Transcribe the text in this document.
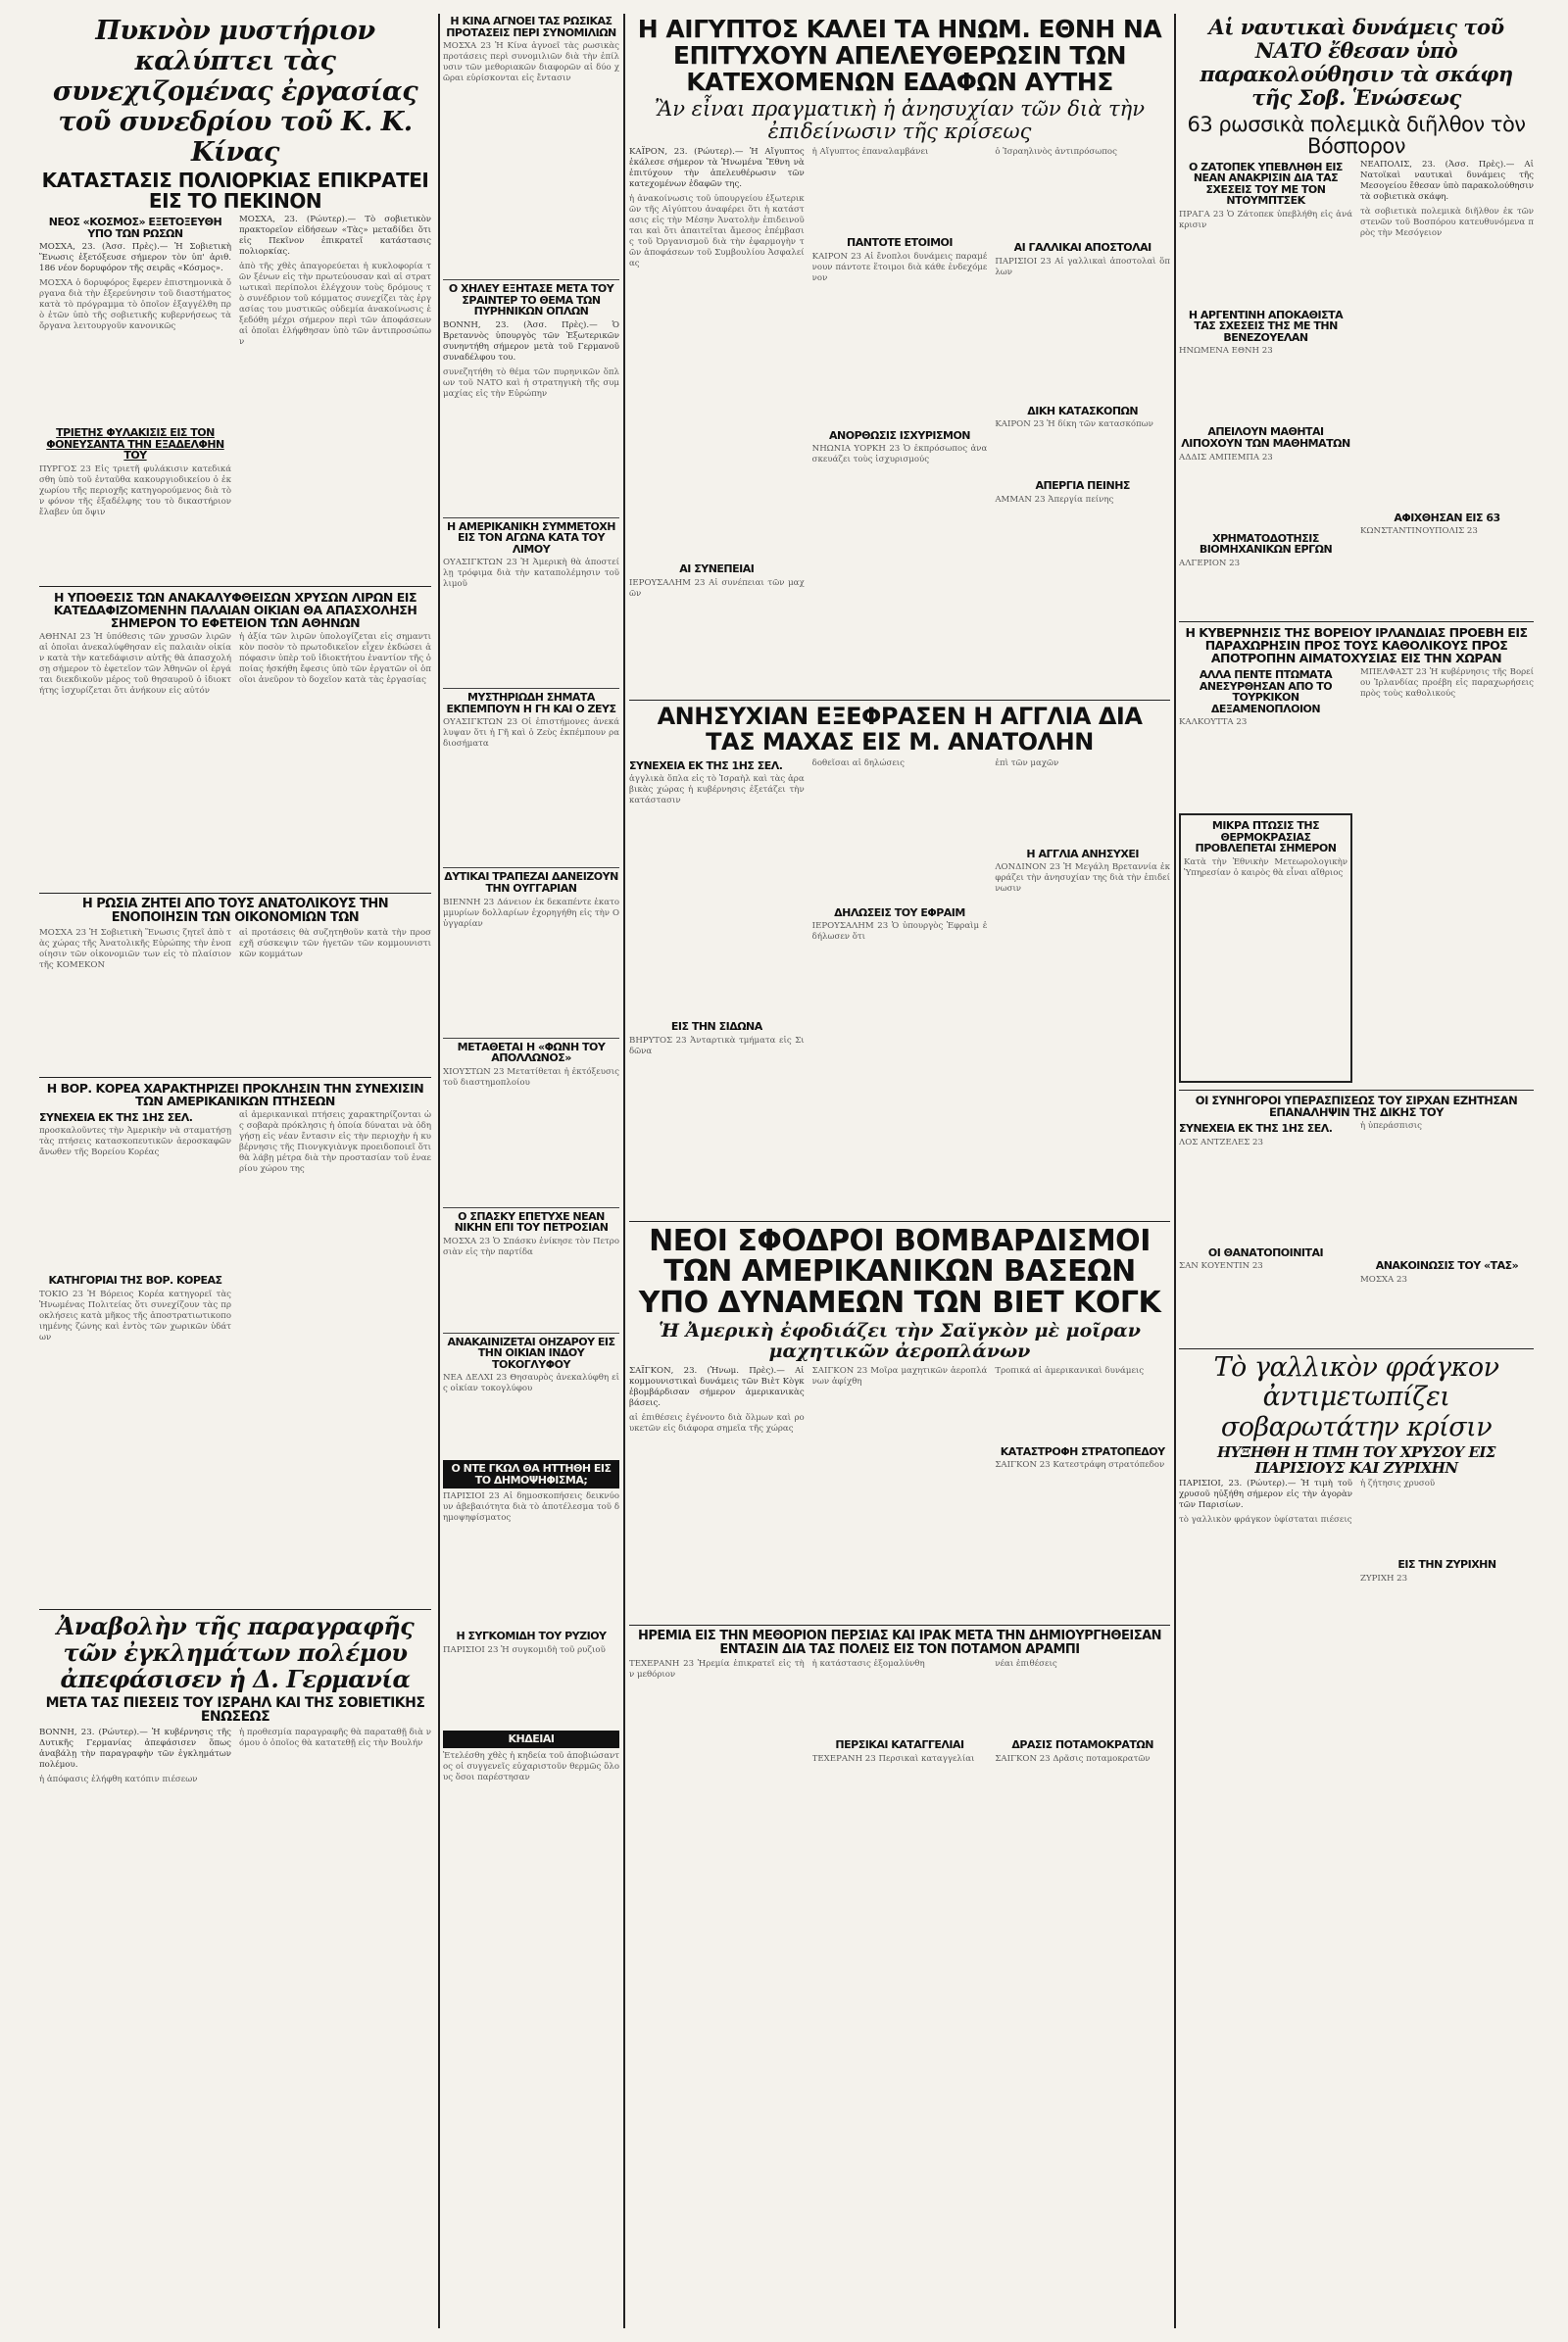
Πυκνὸν μυστήριον καλύπτει τὰς συνεχιζομένας ἐργασίας τοῦ συνεδρίου τοῦ Κ. Κ. Κίνας
ΚΑΤΑΣΤΑΣΙΣ ΠΟΛΙΟΡΚΙΑΣ ΕΠΙΚΡΑΤΕΙ ΕΙΣ ΤΟ ΠΕΚΙΝΟΝ
ΝΕΟΣ «ΚΟΣΜΟΣ» ΕΞΕΤΟΞΕΥΘΗ ΥΠΟ ΤΩΝ ΡΩΣΩΝ
ΜΟΣΧΑ, 23. (Ἀσσ. Πρὲς).— Ἡ Σοβιετικὴ Ἕνωσις ἐξετόξευσε σήμερον τὸν ὑπ' ἀριθ. 186 νέον δορυφόρον τῆς σειρᾶς «Κόσμος».
ΜΟΣΧΑ ὁ δορυφόρος ἔφερεν ἐπιστημονικὰ ὄργανα διὰ τὴν ἐξερεύνησιν τοῦ διαστήματος κατὰ τὸ πρόγραμμα τὸ ὁποῖον ἐξαγγέλθη πρὸ ἐτῶν ὑπὸ τῆς σοβιετικῆς κυβερνήσεως τὰ ὄργανα λειτουργοῦν κανονικῶς
ΤΡΙΕΤΗΣ ΦΥΛΑΚΙΣΙΣ ΕΙΣ ΤΟΝ ΦΟΝΕΥΣΑΝΤΑ ΤΗΝ ΕΞΑΔΕΛΦΗΝ ΤΟΥ
ΠΥΡΓΟΣ 23 Εἰς τριετῆ φυλάκισιν κατεδικάσθη ὑπὸ τοῦ ἐνταῦθα κακουργιοδικείου ὁ ἐκ χωρίου τῆς περιοχῆς κατηγορούμενος διὰ τὸν φόνον τῆς ἐξαδέλφης του τὸ δικαστήριον ἔλαβεν ὑπ ὄψιν
ΜΟΣΧΑ, 23. (Ρώυτερ).— Τὸ σοβιετικὸν πρακτορεῖον εἰδήσεων «Τὰς» μεταδίδει ὅτι εἰς Πεκῖνον ἐπικρατεῖ κατάστασις πολιορκίας.
ἀπὸ τῆς χθὲς ἀπαγορεύεται ἡ κυκλοφορία τῶν ξένων εἰς τὴν πρωτεύουσαν καὶ αἱ στρατιωτικαὶ περίπολοι ἐλέγχουν τοὺς δρόμους τὸ συνέδριον τοῦ κόμματος συνεχίζει τὰς ἐργασίας του μυστικῶς οὐδεμία ἀνακοίνωσις ἐξεδόθη μέχρι σήμερον περὶ τῶν ἀποφάσεων αἱ ὁποῖαι ἐλήφθησαν ὑπὸ τῶν ἀντιπροσώπων
Η ΥΠΟΘΕΣΙΣ ΤΩΝ ΑΝΑΚΑΛΥΦΘΕΙΣΩΝ ΧΡΥΣΩΝ ΛΙΡΩΝ ΕΙΣ ΚΑΤΕΔΑΦΙΖΟΜΕΝΗΝ ΠΑΛΑΙΑΝ ΟΙΚΙΑΝ ΘΑ ΑΠΑΣΧΟΛΗΣΗ ΣΗΜΕΡΟΝ ΤΟ ΕΦΕΤΕΙΟΝ ΤΩΝ ΑΘΗΝΩΝ
ΑΘΗΝΑΙ 23 Ἡ ὑπόθεσις τῶν χρυσῶν λιρῶν αἱ ὁποῖαι ἀνεκαλύφθησαν εἰς παλαιὰν οἰκίαν κατὰ τὴν κατεδάφισιν αὐτῆς θὰ ἀπασχολήσῃ σήμερον τὸ ἐφετεῖον τῶν Ἀθηνῶν οἱ ἐργάται διεκδικοῦν μέρος τοῦ θησαυροῦ ὁ ἰδιοκτήτης ἰσχυρίζεται ὅτι ἀνήκουν εἰς αὐτόν
ἡ ἀξία τῶν λιρῶν ὑπολογίζεται εἰς σημαντικὸν ποσὸν τὸ πρωτοδικεῖον εἶχεν ἐκδώσει ἀπόφασιν ὑπὲρ τοῦ ἰδιοκτήτου ἐναντίον τῆς ὁποίας ἠσκήθη ἔφεσις ὑπὸ τῶν ἐργατῶν οἱ ὁποῖοι ἀνεῦρον τὸ δοχεῖον κατὰ τὰς ἐργασίας
Η ΡΩΣΙΑ ΖΗΤΕΙ ΑΠΟ ΤΟΥΣ ΑΝΑΤΟΛΙΚΟΥΣ ΤΗΝ ΕΝΟΠΟΙΗΣΙΝ ΤΩΝ ΟΙΚΟΝΟΜΙΩΝ ΤΩΝ
ΜΟΣΧΑ 23 Ἡ Σοβιετικὴ Ἕνωσις ζητεῖ ἀπὸ τὰς χώρας τῆς Ἀνατολικῆς Εὐρώπης τὴν ἐνοποίησιν τῶν οἰκονομιῶν των εἰς τὸ πλαίσιον τῆς ΚΟΜΕΚΟΝ
αἱ προτάσεις θὰ συζητηθοῦν κατὰ τὴν προσεχῆ σύσκεψιν τῶν ἡγετῶν τῶν κομμουνιστικῶν κομμάτων
Η ΒΟΡ. ΚΟΡΕΑ ΧΑΡΑΚΤΗΡΙΖΕΙ ΠΡΟΚΛΗΣΙΝ ΤΗΝ ΣΥΝΕΧΙΣΙΝ ΤΩΝ ΑΜΕΡΙΚΑΝΙΚΩΝ ΠΤΗΣΕΩΝ
ΣΥΝΕΧΕΙΑ ΕΚ ΤΗΣ 1ΗΣ ΣΕΛ.
προσκαλοῦντες τὴν Ἀμερικὴν νὰ σταματήσῃ τὰς πτήσεις κατασκοπευτικῶν ἀεροσκαφῶν ἄνωθεν τῆς Βορείου Κορέας
ΚΑΤΗΓΟΡΙΑΙ ΤΗΣ ΒΟΡ. ΚΟΡΕΑΣ
ΤΟΚΙΟ 23 Ἡ Βόρειος Κορέα κατηγορεῖ τὰς Ἡνωμένας Πολιτείας ὅτι συνεχίζουν τὰς προκλήσεις κατὰ μῆκος τῆς ἀποστρατιωτικοποιημένης ζώνης καὶ ἐντὸς τῶν χωρικῶν ὑδάτων
αἱ ἀμερικανικαὶ πτήσεις χαρακτηρίζονται ὡς σοβαρὰ πρόκλησις ἡ ὁποία δύναται νὰ ὁδηγήσῃ εἰς νέαν ἔντασιν εἰς τὴν περιοχὴν ἡ κυβέρνησις τῆς Πιονγκγιὰνγκ προειδοποιεῖ ὅτι θὰ λάβῃ μέτρα διὰ τὴν προστασίαν τοῦ ἐναερίου χώρου της
Ἀναβολὴν τῆς παραγραφῆς τῶν ἐγκλημάτων πολέμου ἀπεφάσισεν ἡ Δ. Γερμανία
ΜΕΤΑ ΤΑΣ ΠΙΕΣΕΙΣ ΤΟΥ ΙΣΡΑΗΛ ΚΑΙ ΤΗΣ ΣΟΒΙΕΤΙΚΗΣ ΕΝΩΣΕΩΣ
ΒΟΝΝΗ, 23. (Ρώυτερ).— Ἡ κυβέρνησις τῆς Δυτικῆς Γερμανίας ἀπεφάσισεν ὅπως ἀναβάλῃ τὴν παραγραφὴν τῶν ἐγκλημάτων πολέμου.
ἡ ἀπόφασις ἐλήφθη κατόπιν πιέσεων
ἡ προθεσμία παραγραφῆς θὰ παραταθῇ διὰ νόμου ὁ ὁποῖος θὰ κατατεθῇ εἰς τὴν Βουλήν
Η ΚΙΝΑ ΑΓΝΟΕΙ ΤΑΣ ΡΩΣΙΚΑΣ ΠΡΟΤΑΣΕΙΣ ΠΕΡΙ ΣΥΝΟΜΙΛΙΩΝ
ΜΟΣΧΑ 23 Ἡ Κίνα ἀγνοεῖ τὰς ρωσικὰς προτάσεις περὶ συνομιλιῶν διὰ τὴν ἐπίλυσιν τῶν μεθοριακῶν διαφορῶν αἱ δύο χῶραι εὑρίσκονται εἰς ἔντασιν
Ο ΧΗΛΕΥ ΕΞΗΤΑΣΕ ΜΕΤΑ ΤΟΥ ΣΡΑΙΝΤΕΡ ΤΟ ΘΕΜΑ ΤΩΝ ΠΥΡΗΝΙΚΩΝ ΟΠΛΩΝ
ΒΟΝΝΗ, 23. (Ἀσσ. Πρὲς).— Ὁ Βρεταννὸς ὑπουργὸς τῶν Ἐξωτερικῶν συνηντήθη σήμερον μετὰ τοῦ Γερμανοῦ συναδέλφου του.
συνεζητήθη τὸ θέμα τῶν πυρηνικῶν ὅπλων τοῦ ΝΑΤΟ καὶ ἡ στρατηγικὴ τῆς συμμαχίας εἰς τὴν Εὐρώπην
Η ΑΜΕΡΙΚΑΝΙΚΗ ΣΥΜΜΕΤΟΧΗ ΕΙΣ ΤΟΝ ΑΓΩΝΑ ΚΑΤΑ ΤΟΥ ΛΙΜΟΥ
ΟΥΑΣΙΓΚΤΩΝ 23 Ἡ Ἀμερικὴ θὰ ἀποστείλῃ τρόφιμα διὰ τὴν καταπολέμησιν τοῦ λιμοῦ
ΜΥΣΤΗΡΙΩΔΗ ΣΗΜΑΤΑ ΕΚΠΕΜΠΟΥΝ Η ΓΗ ΚΑΙ Ο ΖΕΥΣ
ΟΥΑΣΙΓΚΤΩΝ 23 Οἱ ἐπιστήμονες ἀνεκάλυψαν ὅτι ἡ Γῆ καὶ ὁ Ζεὺς ἐκπέμπουν ραδιοσήματα
ΔΥΤΙΚΑΙ ΤΡΑΠΕΖΑΙ ΔΑΝΕΙΖΟΥΝ ΤΗΝ ΟΥΓΓΑΡΙΑΝ
ΒΙΕΝΝΗ 23 Δάνειον ἐκ δεκαπέντε ἑκατομμυρίων δολλαρίων ἐχορηγήθη εἰς τὴν Οὐγγαρίαν
ΜΕΤΑΘΕΤΑΙ Η «ΦΩΝΗ ΤΟΥ ΑΠΟΛΛΩΝΟΣ»
ΧΙΟΥΣΤΩΝ 23 Μετατίθεται ἡ ἐκτόξευσις τοῦ διαστημοπλοίου
Ο ΣΠΑΣΚΥ ΕΠΕΤΥΧΕ ΝΕΑΝ ΝΙΚΗΝ ΕΠΙ ΤΟΥ ΠΕΤΡΟΣΙΑΝ
ΜΟΣΧΑ 23 Ὁ Σπάσκυ ἐνίκησε τὸν Πετροσιὰν εἰς τὴν παρτίδα
ΑΝΑΚΑΙΝΙΖΕΤΑΙ ΟΗΖΑΡΟΥ ΕΙΣ ΤΗΝ ΟΙΚΙΑΝ ΙΝΔΟΥ ΤΟΚΟΓΛΥΦΟΥ
ΝΕΑ ΔΕΛΧΙ 23 Θησαυρὸς ἀνεκαλύφθη εἰς οἰκίαν τοκογλύφου
Ο ΝΤΕ ΓΚΩΛ ΘΑ ΗΤΤΗΘΗ ΕΙΣ ΤΟ ΔΗΜΟΨΗΦΙΣΜΑ;
ΠΑΡΙΣΙΟΙ 23 Αἱ δημοσκοπήσεις δεικνύουν ἀβεβαιότητα διὰ τὸ ἀποτέλεσμα τοῦ δημοψηφίσματος
Η ΣΥΓΚΟΜΙΔΗ ΤΟΥ ΡΥΖΙΟΥ
ΠΑΡΙΣΙΟΙ 23 Ἡ συγκομιδὴ τοῦ ρυζιοῦ
ΚΗΔΕΙΑΙ
Ἐτελέσθη χθὲς ἡ κηδεία τοῦ ἀποβιώσαντος οἱ συγγενεῖς εὐχαριστοῦν θερμῶς ὅλους ὅσοι παρέστησαν
Η ΑΙΓΥΠΤΟΣ ΚΑΛΕΙ ΤΑ ΗΝΩΜ. ΕΘΝΗ ΝΑ ΕΠΙΤΥΧΟΥΝ ΑΠΕΛΕΥΘΕΡΩΣΙΝ ΤΩΝ ΚΑΤΕΧΟΜΕΝΩΝ ΕΔΑΦΩΝ ΑΥΤΗΣ
Ἂν εἶναι πραγματικὴ ἡ ἀνησυχίαν τῶν διὰ τὴν ἐπιδείνωσιν τῆς κρίσεως
ΚΑΪΡΟΝ, 23. (Ρώυτερ).— Ἡ Αἴγυπτος ἐκάλεσε σήμερον τὰ Ἡνωμένα Ἔθνη νὰ ἐπιτύχουν τὴν ἀπελευθέρωσιν τῶν κατεχομένων ἐδαφῶν της.
ἡ ἀνακοίνωσις τοῦ ὑπουργείου ἐξωτερικῶν τῆς Αἰγύπτου ἀναφέρει ὅτι ἡ κατάστασις εἰς τὴν Μέσην Ἀνατολὴν ἐπιδεινοῦται καὶ ὅτι ἀπαιτεῖται ἄμεσος ἐπέμβασις τοῦ Ὀργανισμοῦ διὰ τὴν ἐφαρμογὴν τῶν ἀποφάσεων τοῦ Συμβουλίου Ἀσφαλείας
ΑΙ ΣΥΝΕΠΕΙΑΙ
ΙΕΡΟΥΣΑΛΗΜ 23 Αἱ συνέπειαι τῶν μαχῶν
ἡ Αἴγυπτος ἐπαναλαμβάνει
ΠΑΝΤΟΤΕ ΕΤΟΙΜΟΙ
ΚΑΪΡΟΝ 23 Αἱ ἔνοπλοι δυνάμεις παραμένουν πάντοτε ἕτοιμοι διὰ κάθε ἐνδεχόμενον
ΑΝΟΡΘΩΣΙΣ ΙΣΧΥΡΙΣΜΟΝ
ΝΗΩΝΙΑ ΥΟΡΚΗ 23 Ὁ ἐκπρόσωπος ἀνασκευάζει τοὺς ἰσχυρισμούς
ὁ Ἰσραηλινὸς ἀντιπρόσωπος
ΑΙ ΓΑΛΛΙΚΑΙ ΑΠΟΣΤΟΛΑΙ
ΠΑΡΙΣΙΟΙ 23 Αἱ γαλλικαὶ ἀποστολαὶ ὅπλων
ΔΙΚΗ ΚΑΤΑΣΚΟΠΩΝ
ΚΑΪΡΟΝ 23 Ἡ δίκη τῶν κατασκόπων
ΑΠΕΡΓΙΑ ΠΕΙΝΗΣ
ΑΜΜΑΝ 23 Ἀπεργία πείνης
ΑΝΗΣΥΧΙΑΝ ΕΞΕΦΡΑΣΕΝ Η ΑΓΓΛΙΑ ΔΙΑ ΤΑΣ ΜΑΧΑΣ ΕΙΣ Μ. ΑΝΑΤΟΛΗΝ
ΣΥΝΕΧΕΙΑ ΕΚ ΤΗΣ 1ΗΣ ΣΕΛ.
ἀγγλικὰ ὅπλα εἰς τὸ Ἰσραὴλ καὶ τὰς ἀραβικὰς χώρας ἡ κυβέρνησις ἐξετάζει τὴν κατάστασιν
ΕΙΣ ΤΗΝ ΣΙΔΩΝΑ
ΒΗΡΥΤΟΣ 23 Ἀνταρτικὰ τμήματα εἰς Σιδῶνα
δοθεῖσαι αἱ δηλώσεις
ΔΗΛΩΣΕΙΣ ΤΟΥ ΕΦΡΑΙΜ
ΙΕΡΟΥΣΑΛΗΜ 23 Ὁ ὑπουργὸς Ἐφραὶμ ἐδήλωσεν ὅτι
ἐπὶ τῶν μαχῶν
Η ΑΓΓΛΙΑ ΑΝΗΣΥΧΕΙ
ΛΟΝΔΙΝΟΝ 23 Ἡ Μεγάλη Βρεταννία ἐκφράζει τὴν ἀνησυχίαν της διὰ τὴν ἐπιδείνωσιν
ΝΕΟΙ ΣΦΟΔΡΟΙ ΒΟΜΒΑΡΔΙΣΜΟΙ ΤΩΝ ΑΜΕΡΙΚΑΝΙΚΩΝ ΒΑΣΕΩΝ ΥΠΟ ΔΥΝΑΜΕΩΝ ΤΩΝ ΒΙΕΤ ΚΟΓΚ
Ἡ Ἀμερικὴ ἐφοδιάζει τὴν Σαϊγκὸν μὲ μοῖραν μαχητικῶν ἀεροπλάνων
ΣΑΪΓΚΟΝ, 23. (Ἡνωμ. Πρὲς).— Αἱ κομμουνιστικαὶ δυνάμεις τῶν Βιὲτ Κὸγκ ἐβομβάρδισαν σήμερον ἀμερικανικὰς βάσεις.
αἱ ἐπιθέσεις ἐγένοντο διὰ ὅλμων καὶ ρουκετῶν εἰς διάφορα σημεῖα τῆς χώρας
ΣΑΪΓΚΟΝ 23 Μοῖρα μαχητικῶν ἀεροπλάνων ἀφίχθη
Τροπικά αἱ ἀμερικανικαὶ δυνάμεις
ΚΑΤΑΣΤΡΟΦΗ ΣΤΡΑΤΟΠΕΔΟΥ
ΣΑΪΓΚΟΝ 23 Κατεστράφη στρατόπεδον
ΗΡΕΜΙΑ ΕΙΣ ΤΗΝ ΜΕΘΟΡΙΟΝ ΠΕΡΣΙΑΣ ΚΑΙ ΙΡΑΚ ΜΕΤΑ ΤΗΝ ΔΗΜΙΟΥΡΓΗΘΕΙΣΑΝ ΕΝΤΑΣΙΝ ΔΙΑ ΤΑΣ ΠΟΛΕΙΣ ΕΙΣ ΤΟΝ ΠΟΤΑΜΟΝ ΑΡΑΜΠΙ
ΤΕΧΕΡΑΝΗ 23 Ἡρεμία ἐπικρατεῖ εἰς τὴν μεθόριον
ἡ κατάστασις ἐξομαλύνθη
ΠΕΡΣΙΚΑΙ ΚΑΤΑΓΓΕΛΙΑΙ
ΤΕΧΕΡΑΝΗ 23 Περσικαὶ καταγγελίαι
νέαι ἐπιθέσεις
ΔΡΑΣΙΣ ΠΟΤΑΜΟΚΡΑΤΩΝ
ΣΑΪΓΚΟΝ 23 Δρᾶσις ποταμοκρατῶν
Αἱ ναυτικαὶ δυνάμεις τοῦ ΝΑΤΟ ἔθεσαν ὑπὸ παρακολούθησιν τὰ σκάφη τῆς Σοβ. Ἑνώσεως
63 ρωσσικὰ πολεμικὰ διῆλθον τὸν Βόσπορον
Ο ΖΑΤΟΠΕΚ ΥΠΕΒΛΗΘΗ ΕΙΣ ΝΕΑΝ ΑΝΑΚΡΙΣΙΝ ΔΙΑ ΤΑΣ ΣΧΕΣΕΙΣ ΤΟΥ ΜΕ ΤΟΝ ΝΤΟΥΜΠΤΣΕΚ
ΠΡΑΓΑ 23 Ὁ Ζάτοπεκ ὑπεβλήθη εἰς ἀνάκρισιν
Η ΑΡΓΕΝΤΙΝΗ ΑΠΟΚΑΘΙΣΤΑ ΤΑΣ ΣΧΕΣΕΙΣ ΤΗΣ ΜΕ ΤΗΝ ΒΕΝΕΖΟΥΕΛΑΝ
ΗΝΩΜΕΝΑ ΕΘΝΗ 23
ΑΠΕΙΛΟΥΝ ΜΑΘΗΤΑΙ ΛΙΠΟΧΟΥΝ ΤΩΝ ΜΑΘΗΜΑΤΩΝ
ΑΔΔΙΣ ΑΜΠΕΜΠΑ 23
ΧΡΗΜΑΤΟΔΟΤΗΣΙΣ ΒΙΟΜΗΧΑΝΙΚΩΝ ΕΡΓΩΝ
ΑΛΓΕΡΙΟΝ 23
ΝΕΑΠΟΛΙΣ, 23. (Ἀσσ. Πρὲς).— Αἱ Νατοϊκαὶ ναυτικαὶ δυνάμεις τῆς Μεσογείου ἔθεσαν ὑπὸ παρακολούθησιν τὰ σοβιετικὰ σκάφη.
τὰ σοβιετικὰ πολεμικὰ διῆλθον ἐκ τῶν στενῶν τοῦ Βοσπόρου κατευθυνόμενα πρὸς τὴν Μεσόγειον
ΑΦΙΧΘΗΣΑΝ ΕΙΣ 63
ΚΩΝΣΤΑΝΤΙΝΟΥΠΟΛΙΣ 23
Η ΚΥΒΕΡΝΗΣΙΣ ΤΗΣ ΒΟΡΕΙΟΥ ΙΡΛΑΝΔΙΑΣ ΠΡΟΕΒΗ ΕΙΣ ΠΑΡΑΧΩΡΗΣΙΝ ΠΡΟΣ ΤΟΥΣ ΚΑΘΟΛΙΚΟΥΣ ΠΡΟΣ ΑΠΟΤΡΟΠΗΝ ΑΙΜΑΤΟΧΥΣΙΑΣ ΕΙΣ ΤΗΝ ΧΩΡΑΝ
ΑΛΛΑ ΠΕΝΤΕ ΠΤΩΜΑΤΑ ΑΝΕΣΥΡΘΗΣΑΝ ΑΠΟ ΤΟ ΤΟΥΡΚΙΚΟΝ ΔΕΞΑΜΕΝΟΠΛΟΙΟΝ
ΚΑΛΚΟΥΤΤΑ 23
ΜΙΚΡΑ ΠΤΩΣΙΣ ΤΗΣ ΘΕΡΜΟΚΡΑΣΙΑΣ ΠΡΟΒΛΕΠΕΤΑΙ ΣΗΜΕΡΟΝ
Κατὰ τὴν Ἐθνικὴν Μετεωρολογικὴν Ὑπηρεσίαν ὁ καιρὸς θὰ εἶναι αἴθριος
ΜΠΕΛΦΑΣΤ 23 Ἡ κυβέρνησις τῆς Βορείου Ἰρλανδίας προέβη εἰς παραχωρήσεις πρὸς τοὺς καθολικούς
ΟΙ ΣΥΝΗΓΟΡΟΙ ΥΠΕΡΑΣΠΙΣΕΩΣ ΤΟΥ ΣΙΡΧΑΝ ΕΖΗΤΗΣΑΝ ΕΠΑΝΑΛΗΨΙΝ ΤΗΣ ΔΙΚΗΣ ΤΟΥ
ΣΥΝΕΧΕΙΑ ΕΚ ΤΗΣ 1ΗΣ ΣΕΛ.
ΛΟΣ ΑΝΤΖΕΛΕΣ 23
ΟΙ ΘΑΝΑΤΟΠΟΙΝΙΤΑΙ
ΣΑΝ ΚΟΥΕΝΤΙΝ 23
ἡ ὑπεράσπισις
ΑΝΑΚΟΙΝΩΣΙΣ ΤΟΥ «ΤΑΣ»
ΜΟΣΧΑ 23
Τὸ γαλλικὸν φράγκον ἀντιμετωπίζει σοβαρωτάτην κρίσιν
ΗΥΞΗΘΗ Η ΤΙΜΗ ΤΟΥ ΧΡΥΣΟΥ ΕΙΣ ΠΑΡΙΣΙΟΥΣ ΚΑΙ ΖΥΡΙΧΗΝ
ΠΑΡΙΣΙΟΙ, 23. (Ρώυτερ).— Ἡ τιμὴ τοῦ χρυσοῦ ηὐξήθη σήμερον εἰς τὴν ἀγορὰν τῶν Παρισίων.
τὸ γαλλικὸν φράγκον ὑφίσταται πιέσεις
ἡ ζήτησις χρυσοῦ
ΕΙΣ ΤΗΝ ΖΥΡΙΧΗΝ
ΖΥΡΙΧΗ 23
